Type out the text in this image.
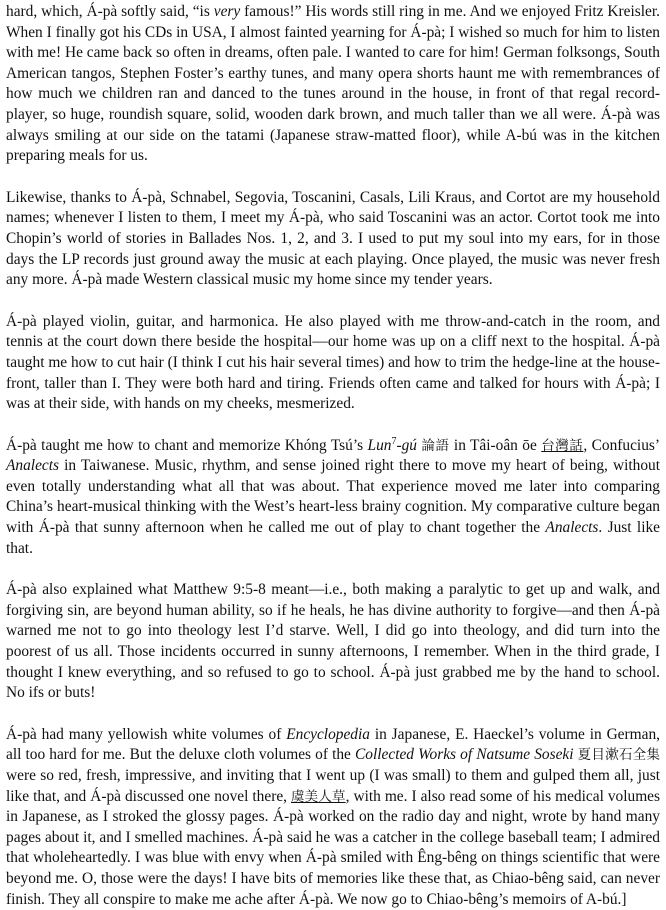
hard, which, Á-pà softly said, “is very famous!” His words still ring in me. And we enjoyed Fritz Kreisler. When I finally got his CDs in USA, I almost fainted yearning for Á-pà; I wished so much for him to listen with me! He came back so often in dreams, often pale. I wanted to care for him! German folksongs, South American tangos, Stephen Foster’s earthy tunes, and many opera shorts haunt me with remembrances of how much we children ran and danced to the tunes around in the house, in front of that regal record-player, so huge, roundish square, solid, wooden dark brown, and much taller than we all were. Á-pà was always smiling at our side on the tatami (Japanese straw-matted floor), while A-bú was in the kitchen preparing meals for us.

Likewise, thanks to Á-pà, Schnabel, Segovia, Toscanini, Casals, Lili Kraus, and Cortot are my household names; whenever I listen to them, I meet my Á-pà, who said Toscanini was an actor. Cortot took me into Chopin’s world of stories in Ballades Nos. 1, 2, and 3. I used to put my soul into my ears, for in those days the LP records just ground away the music at each playing. Once played, the music was never fresh any more. Á-pà made Western classical music my home since my tender years.

Á-pà played violin, guitar, and harmonica. He also played with me throw-and-catch in the room, and tennis at the court down there beside the hospital—our home was up on a cliff next to the hospital. Á-pà taught me how to cut hair (I think I cut his hair several times) and how to trim the hedge-line at the house-front, taller than I. They were both hard and tiring. Friends often came and talked for hours with Á-pà; I was at their side, with hands on my cheeks, mesmerized.

Á-pà taught me how to chant and memorize Khóng Tsú’s Lun$^7$-gú 論語 in Tâi-oân ōe 台灣話, Confucius’ Analects in Taiwanese. Music, rhythm, and sense joined right there to move my heart of being, without even totally understanding what all that was about. That experience moved me later into comparing China’s heart-musical thinking with the West’s heart-less brainy cognition. My comparative culture began with Á-pà that sunny afternoon when he called me out of play to chant together the Analects. Just like that.

Á-pà also explained what Matthew 9:5-8 meant—i.e., both making a paralytic to get up and walk, and forgiving sin, are beyond human ability, so if he heals, he has divine authority to forgive—and then Á-pà warned me not to go into theology lest I’d starve. Well, I did go into theology, and did turn into the poorest of us all. Those incidents occurred in sunny afternoons, I remember. When in the third grade, I thought I knew everything, and so refused to go to school. Á-pà just grabbed me by the hand to school. No ifs or buts!

Á-pà had many yellowish white volumes of Encyclopedia in Japanese, E. Haeckel’s volume in German, all too hard for me. But the deluxe cloth volumes of the Collected Works of Natsume Soseki 夏目漱石全集 were so red, fresh, impressive, and inviting that I went up (I was small) to them and gulped them all, just like that, and Á-pà discussed one novel there, 虞美人草, with me. I also read some of his medical volumes in Japanese, as I stroked the glossy pages. Á-pà worked on the radio day and night, wrote by hand many pages about it, and I smelled machines. Á-pà said he was a catcher in the college baseball team; I admired that wholeheartedly. I was blue with envy when Á-pà smiled with Êng-bêng on things scientific that were beyond me. O, those were the days! I have bits of memories like these that, as Chiao-bêng said, can never finish. They all conspire to make me ache after Á-pà. We now go to Chiao-bêng’s memoirs of A-bú.]
